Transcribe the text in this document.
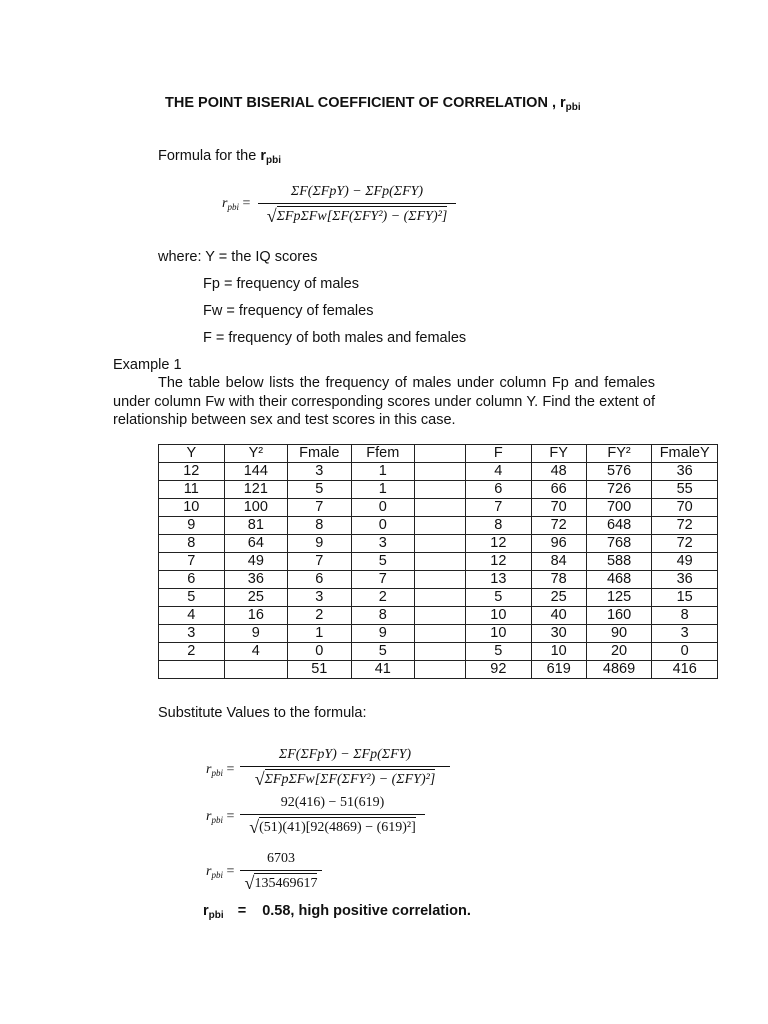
THE POINT BISERIAL COEFFICIENT OF CORRELATION , $r_{pbi}$
Formula for the $r_{pbi}$
$r_{pbi}$ =
ΣF(ΣFpY) − ΣFp(ΣFY)
√ΣFpΣFw[ΣF(ΣFY²) − (ΣFY)²]
where: Y = the IQ scores
Fp = frequency of males
Fw = frequency of females
F = frequency of both males and females
Example 1
The table below lists the frequency of males under column Fp and females under column Fw with their corresponding scores under column Y. Find the extent of relationship between sex and test scores in this case.
Y	Y²	Fmale	Ffem		F	FY	FY²	FmaleY
12	144	3	1		4	48	576	36
11	121	5	1		6	66	726	55
10	100	7	0		7	70	700	70
9	81	8	0		8	72	648	72
8	64	9	3		12	96	768	72
7	49	7	5		12	84	588	49
6	36	6	7		13	78	468	36
5	25	3	2		5	25	125	15
4	16	2	8		10	40	160	8
3	9	1	9		10	30	90	3
2	4	0	5		5	10	20	0
		51	41		92	619	4869	416
Substitute Values to the formula:
$r_{pbi}$ =
ΣF(ΣFpY) − ΣFp(ΣFY)
√ΣFpΣFw[ΣF(ΣFY²) − (ΣFY)²]
$r_{pbi}$ =
92(416) − 51(619)
√(51)(41)[92(4869) − (619)²]
$r_{pbi}$ =
6703
√135469617
$r_{pbi} = 0.58$, high positive correlation.
